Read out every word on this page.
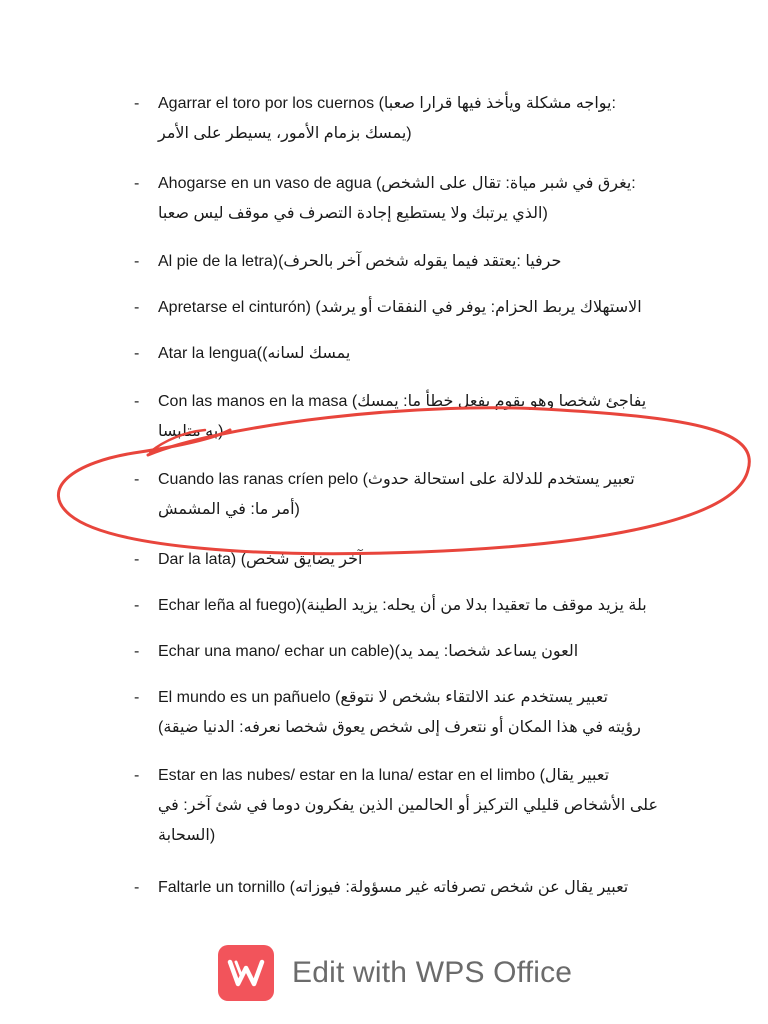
- Agarrar el toro por los cuernos :يواجه مشكلة ويأخذ فيها قرارا صعبا)
(يمسك بزمام الأمور، يسيطر على الأمر
- Ahogarse en un vaso de agua :يغرق في شبر مياة: تقال على الشخص)
(الذي يرتبك ولا يستطيع إجادة التصرف في موقف ليس صعبا
- Al pie de la letraحرفيا :يعتقد فيما يقوله شخص آخر بالحرف)(
- Apretarse el cinturónالاستهلاك يربط الحزام: يوفر في النفقات أو يرشد) (
- Atar la lenguaيمسك لسانه))
- Con las manos en la masa يفاجئ شخصا وهو يقوم بفعل خطأ ما: يمسك)
(به متلبسا
- Cuando las ranas críen pelo تعبير يستخدم للدلالة على استحالة حدوث)
(أمر ما: في المشمش
- Dar la lataآخر يضايق شخص) (
- Echar leña al fuegoبلة يزيد موقف ما تعقيدا بدلا من أن يحله: يزيد الطينة)(
- Echar una mano/ echar un cableالعون يساعد شخصا: يمد يد)(
- El mundo es un pañuelo تعبير يستخدم عند الالتقاء بشخص لا نتوقع)
رؤيته في هذا المكان أو نتعرف إلى شخص يعوق شخصا نعرفه: الدنيا ضيقة)
- Estar en las nubes/ estar en la luna/ estar en el limbo تعبير يقال)
على الأشخاص قليلي التركيز أو الحالمين الذين يفكرون دوما في شئ آخر: في
(السحابة
- Faltarle un tornillo تعبير يقال عن شخص تصرفاته غير مسؤولة: فيوزاته)
Edit with WPS Office
